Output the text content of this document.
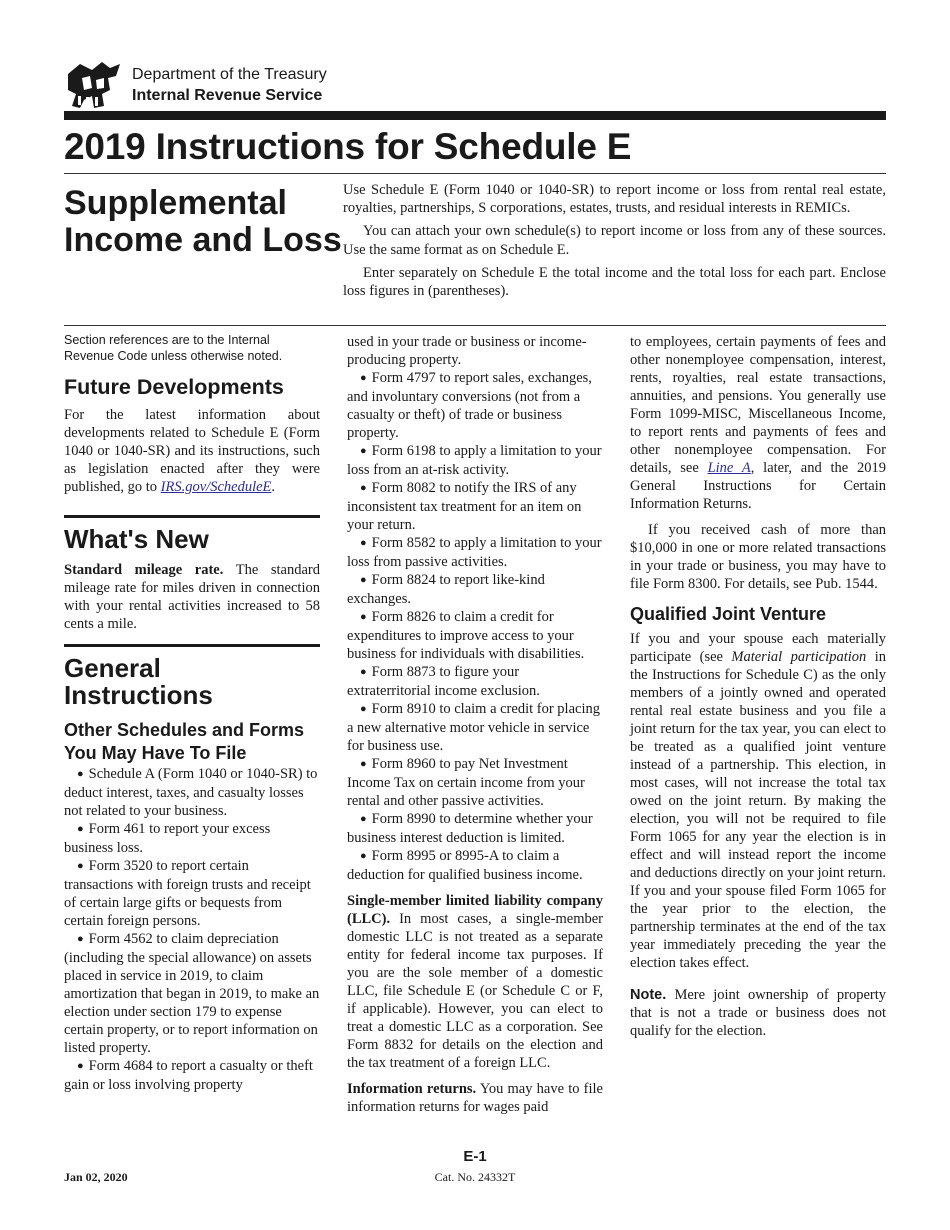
Department of the Treasury
Internal Revenue Service
2019 Instructions for Schedule E
Supplemental
Income and Loss

Use Schedule E (Form 1040 or 1040-SR) to report income or loss from rental real estate, royalties, partnerships, S corporations, estates, trusts, and residual interests in REMICs.

You can attach your own schedule(s) to report income or loss from any of these sources. Use the same format as on Schedule E.

Enter separately on Schedule E the total income and the total loss for each part. Enclose loss figures in (parentheses).

Section references are to the Internal Revenue Code unless otherwise noted.

Future Developments

For the latest information about developments related to Schedule E (Form 1040 or 1040-SR) and its instructions, such as legislation enacted after they were published, go to IRS.gov/ScheduleE.

What's New

Standard mileage rate. The standard mileage rate for miles driven in connection with your rental activities increased to 58 cents a mile.

General
Instructions
Other Schedules and Forms You May Have To File

● Schedule A (Form 1040 or 1040-SR) to deduct interest, taxes, and casualty losses not related to your business.

● Form 461 to report your excess business loss.

● Form 3520 to report certain transactions with foreign trusts and receipt of certain large gifts or bequests from certain foreign persons.

● Form 4562 to claim depreciation (including the special allowance) on assets placed in service in 2019, to claim amortization that began in 2019, to make an election under section 179 to expense certain property, or to report information on listed property.

● Form 4684 to report a casualty or theft gain or loss involving property

used in your trade or business or income-producing property.

● Form 4797 to report sales, exchanges, and involuntary conversions (not from a casualty or theft) of trade or business property.

● Form 6198 to apply a limitation to your loss from an at-risk activity.

● Form 8082 to notify the IRS of any inconsistent tax treatment for an item on your return.

● Form 8582 to apply a limitation to your loss from passive activities.

● Form 8824 to report like-kind exchanges.

● Form 8826 to claim a credit for expenditures to improve access to your business for individuals with disabilities.

● Form 8873 to figure your extraterritorial income exclusion.

● Form 8910 to claim a credit for placing a new alternative motor vehicle in service for business use.

● Form 8960 to pay Net Investment Income Tax on certain income from your rental and other passive activities.

● Form 8990 to determine whether your business interest deduction is limited.

● Form 8995 or 8995-A to claim a deduction for qualified business income.

Single-member limited liability company (LLC). In most cases, a single-member domestic LLC is not treated as a separate entity for federal income tax purposes. If you are the sole member of a domestic LLC, file Schedule E (or Schedule C or F, if applicable). However, you can elect to treat a domestic LLC as a corporation. See Form 8832 for details on the election and the tax treatment of a foreign LLC.

Information returns. You may have to file information returns for wages paid

to employees, certain payments of fees and other nonemployee compensation, interest, rents, royalties, real estate transactions, annuities, and pensions. You generally use Form 1099-MISC, Miscellaneous Income, to report rents and payments of fees and other nonemployee compensation. For details, see Line A, later, and the 2019 General Instructions for Certain Information Returns.

If you received cash of more than $10,000 in one or more related transactions in your trade or business, you may have to file Form 8300. For details, see Pub. 1544.

Qualified Joint Venture

If you and your spouse each materially participate (see Material participation in the Instructions for Schedule C) as the only members of a jointly owned and operated rental real estate business and you file a joint return for the tax year, you can elect to be treated as a qualified joint venture instead of a partnership. This election, in most cases, will not increase the total tax owed on the joint return. By making the election, you will not be required to file Form 1065 for any year the election is in effect and will instead report the income and deductions directly on your joint return. If you and your spouse filed Form 1065 for the year prior to the election, the partnership terminates at the end of the tax year immediately preceding the year the election takes effect.

Note. Mere joint ownership of property that is not a trade or business does not qualify for the election.

E-1
Cat. No. 24332T
Jan 02, 2020
